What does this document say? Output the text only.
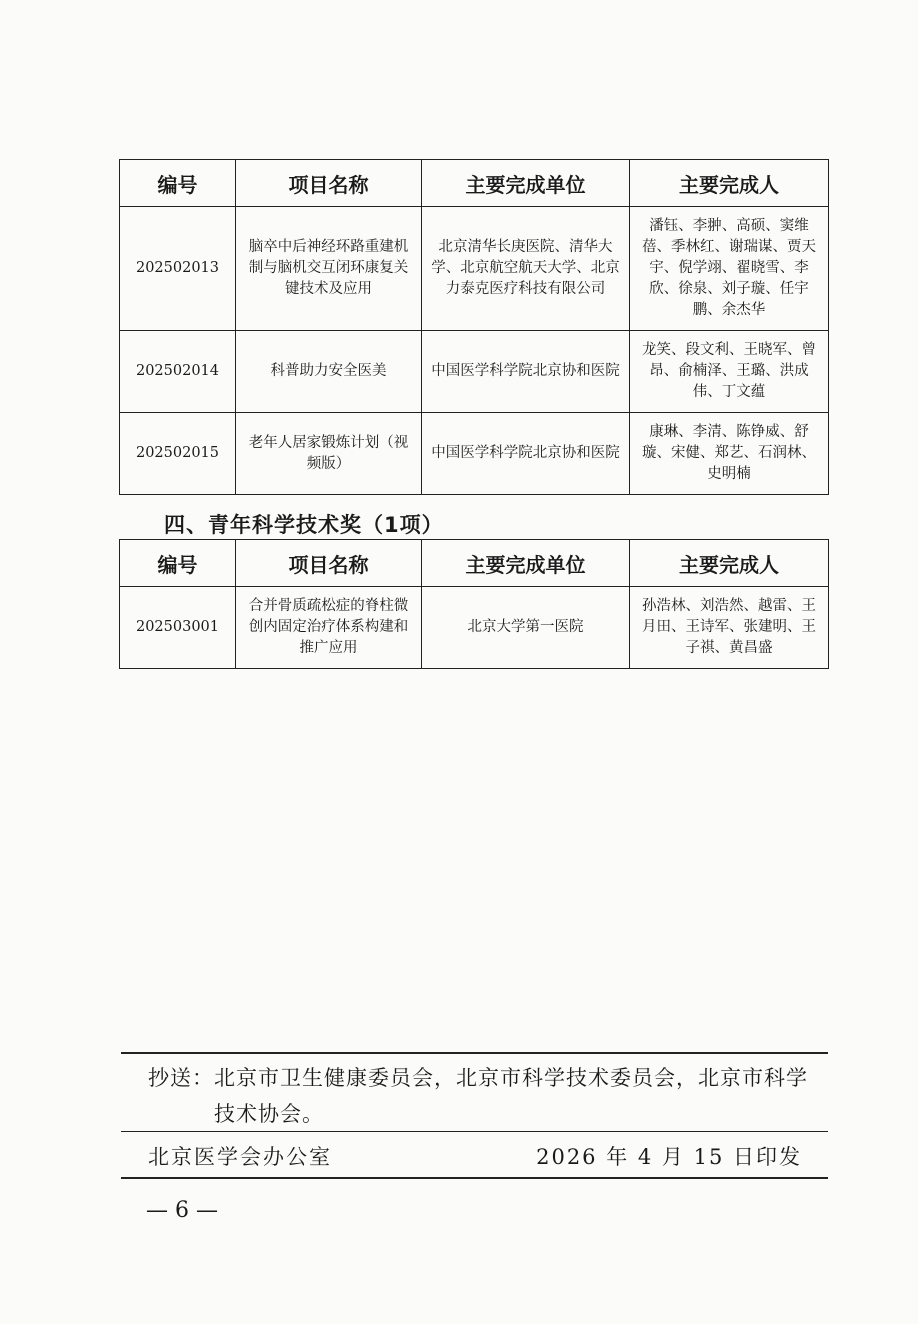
编号	项目名称	主要完成单位	主要完成人
202502013	脑卒中后神经环路重建机制与脑机交互闭环康复关键技术及应用	北京清华长庚医院、清华大学、北京航空航天大学、北京力泰克医疗科技有限公司	潘钰、李翀、高硕、窦维蓓、季林红、谢瑞谋、贾天宇、倪学翊、翟晓雪、李欣、徐泉、刘子璇、任宇鹏、余杰华
202502014	科普助力安全医美	中国医学科学院北京协和医院	龙笑、段文利、王晓军、曾昂、俞楠泽、王璐、洪成伟、丁文蕴
202502015	老年人居家锻炼计划（视频版）	中国医学科学院北京协和医院	康琳、李清、陈铮威、舒璇、宋健、郑艺、石润林、史明楠
四、青年科学技术奖（1项）
编号	项目名称	主要完成单位	主要完成人
202503001	合并骨质疏松症的脊柱微创内固定治疗体系构建和推广应用	北京大学第一医院	孙浩林、刘浩然、越雷、王月田、王诗军、张建明、王子祺、黄昌盛
抄送： 北京市卫生健康委员会，北京市科学技术委员会，北京市科学
技术协会。
北京医学会办公室	2026 年 4 月 15 日印发
— 6 —
